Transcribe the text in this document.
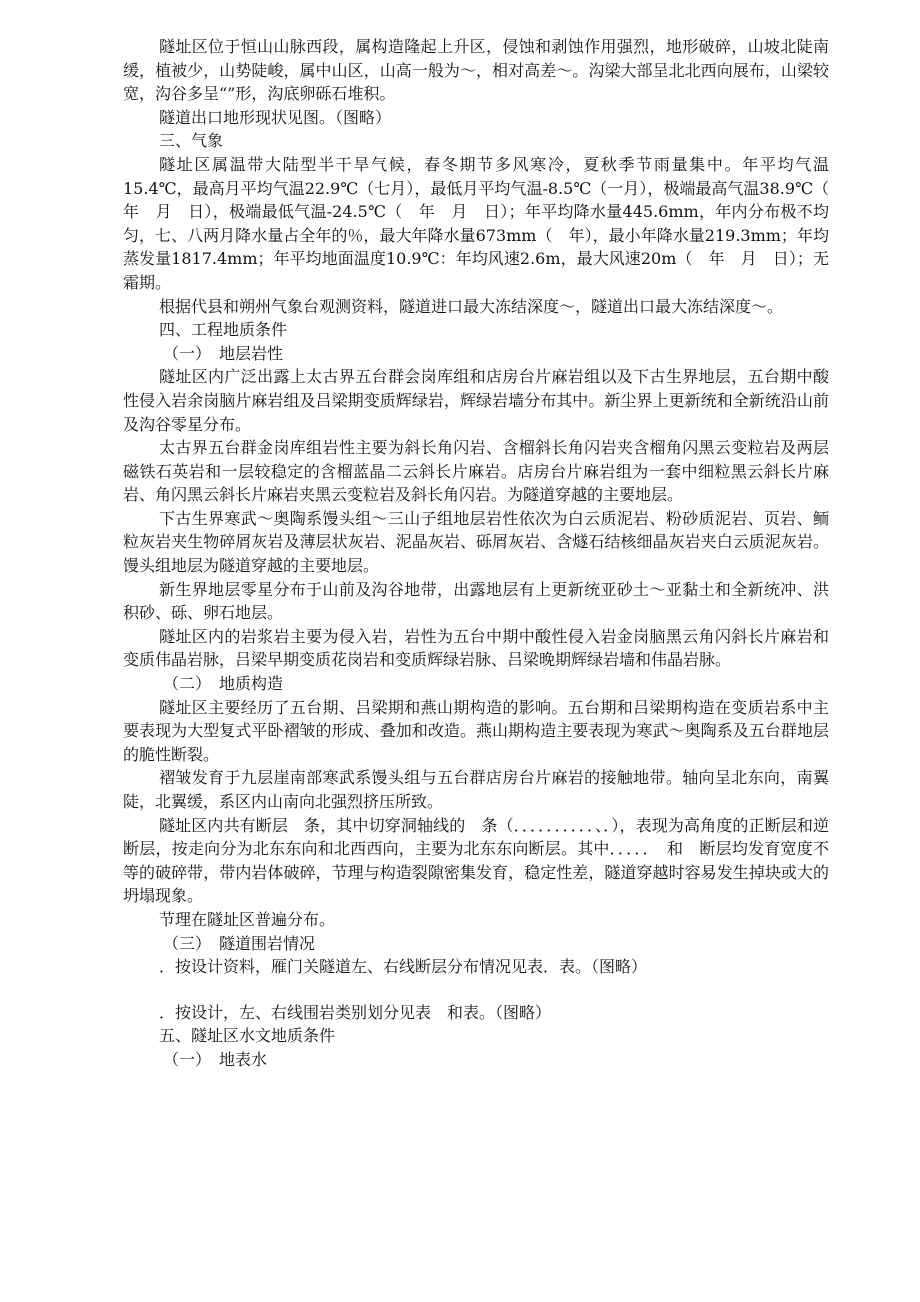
隧址区位于恒山山脉西段，属构造隆起上升区，侵蚀和剥蚀作用强烈，地形破碎，山坡北陡南缓，植被少，山势陡峻，属中山区，山高一般为～，相对高差～。沟梁大部呈北北西向展布，山梁较宽，沟谷多呈“”形，沟底卵砾石堆积。

隧道出口地形现状见图。（图略）

三、气象

隧址区属温带大陆型半干旱气候，春冬期节多风寒冷，夏秋季节雨量集中。年平均气温15.4℃，最高月平均气温22.9℃（七月），最低月平均气温-8.5℃（一月），极端最高气温38.9℃（　年　月　日），极端最低气温-24.5℃（　年　月　日）；年平均降水量445.6mm，年内分布极不均匀，七、八两月降水量占全年的％，最大年降水量673mm（　年），最小年降水量219.3mm；年均蒸发量1817.4mm；年平均地面温度10.9℃：年均风速2.6m，最大风速20m（　年　月　日）；无霜期。

根据代县和朔州气象台观测资料，隧道进口最大冻结深度～，隧道出口最大冻结深度～。

四、工程地质条件

（一）　地层岩性

隧址区内广泛出露上太古界五台群会岗库组和店房台片麻岩组以及下古生界地层，五台期中酸性侵入岩余岗脑片麻岩组及吕梁期变质辉绿岩，辉绿岩墙分布其中。新尘界上更新统和全新统沿山前及沟谷零星分布。

太古界五台群金岗库组岩性主要为斜长角闪岩、含榴斜长角闪岩夹含榴角闪黑云变粒岩及两层磁铁石英岩和一层较稳定的含榴蓝晶二云斜长片麻岩。店房台片麻岩组为一套中细粒黑云斜长片麻岩、角闪黑云斜长片麻岩夹黑云变粒岩及斜长角闪岩。为隧道穿越的主要地层。

下古生界寒武～奥陶系馒头组～三山子组地层岩性依次为白云质泥岩、粉砂质泥岩、页岩、鲕粒灰岩夹生物碎屑灰岩及薄层状灰岩、泥晶灰岩、砾屑灰岩、含燧石结核细晶灰岩夹白云质泥灰岩。馒头组地层为隧道穿越的主要地层。

新生界地层零星分布于山前及沟谷地带，出露地层有上更新统亚砂土～亚黏土和全新统冲、洪积砂、砾、卵石地层。

隧址区内的岩浆岩主要为侵入岩，岩性为五台中期中酸性侵入岩金岗脑黑云角闪斜长片麻岩和变质伟晶岩脉，吕梁早期变质花岗岩和变质辉绿岩脉、吕梁晚期辉绿岩墙和伟晶岩脉。

（二）　地质构造

隧址区主要经历了五台期、吕梁期和燕山期构造的影响。五台期和吕梁期构造在变质岩系中主要表现为大型复式平卧褶皱的形成、叠加和改造。燕山期构造主要表现为寒武～奥陶系及五台群地层的脆性断裂。

褶皱发育于九层崖南部寒武系馒头组与五台群店房台片麻岩的接触地带。轴向呈北东向，南翼陡，北翼缓，系区内山南向北强烈挤压所致。

隧址区内共有断层　条，其中切穿洞轴线的　条（．．．．．．．．．．、．），表现为高角度的正断层和逆断层，按走向分为北东东向和北西西向，主要为北东东向断层。其中．．．．．　和　断层均发育宽度不等的破碎带，带内岩体破碎，节理与构造裂隙密集发育，稳定性差，隧道穿越时容易发生掉块或大的坍塌现象。

节理在隧址区普遍分布。

（三）　隧道围岩情况

．按设计资料，雁门关隧道左、右线断层分布情况见表．表。（图略）

．按设计，左、右线围岩类别划分见表　和表。（图略）

五、隧址区水文地质条件

（一）　地表水
